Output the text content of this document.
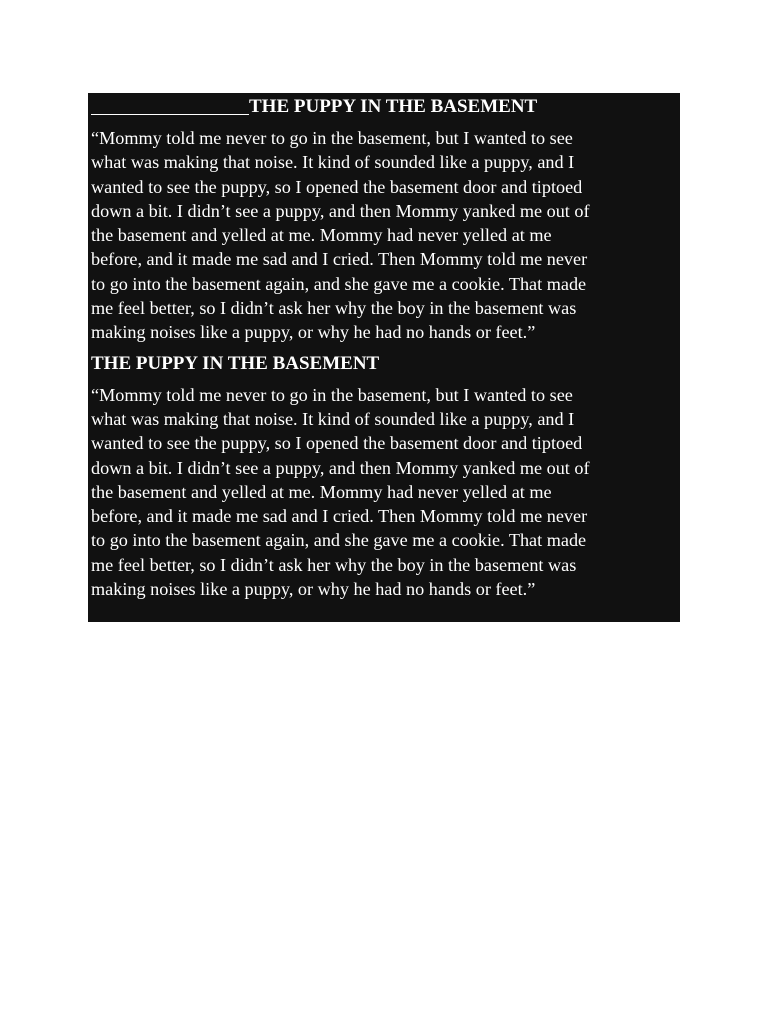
THE PUPPY IN THE BASEMENT
“Mommy told me never to go in the basement, but I wanted to see
what was making that noise. It kind of sounded like a puppy, and I
wanted to see the puppy, so I opened the basement door and tiptoed
down a bit. I didn’t see a puppy, and then Mommy yanked me out of
the basement and yelled at me. Mommy had never yelled at me
before, and it made me sad and I cried. Then Mommy told me never
to go into the basement again, and she gave me a cookie. That made
me feel better, so I didn’t ask her why the boy in the basement was
making noises like a puppy, or why he had no hands or feet.”
THE PUPPY IN THE BASEMENT
“Mommy told me never to go in the basement, but I wanted to see
what was making that noise. It kind of sounded like a puppy, and I
wanted to see the puppy, so I opened the basement door and tiptoed
down a bit. I didn’t see a puppy, and then Mommy yanked me out of
the basement and yelled at me. Mommy had never yelled at me
before, and it made me sad and I cried. Then Mommy told me never
to go into the basement again, and she gave me a cookie. That made
me feel better, so I didn’t ask her why the boy in the basement was
making noises like a puppy, or why he had no hands or feet.”
